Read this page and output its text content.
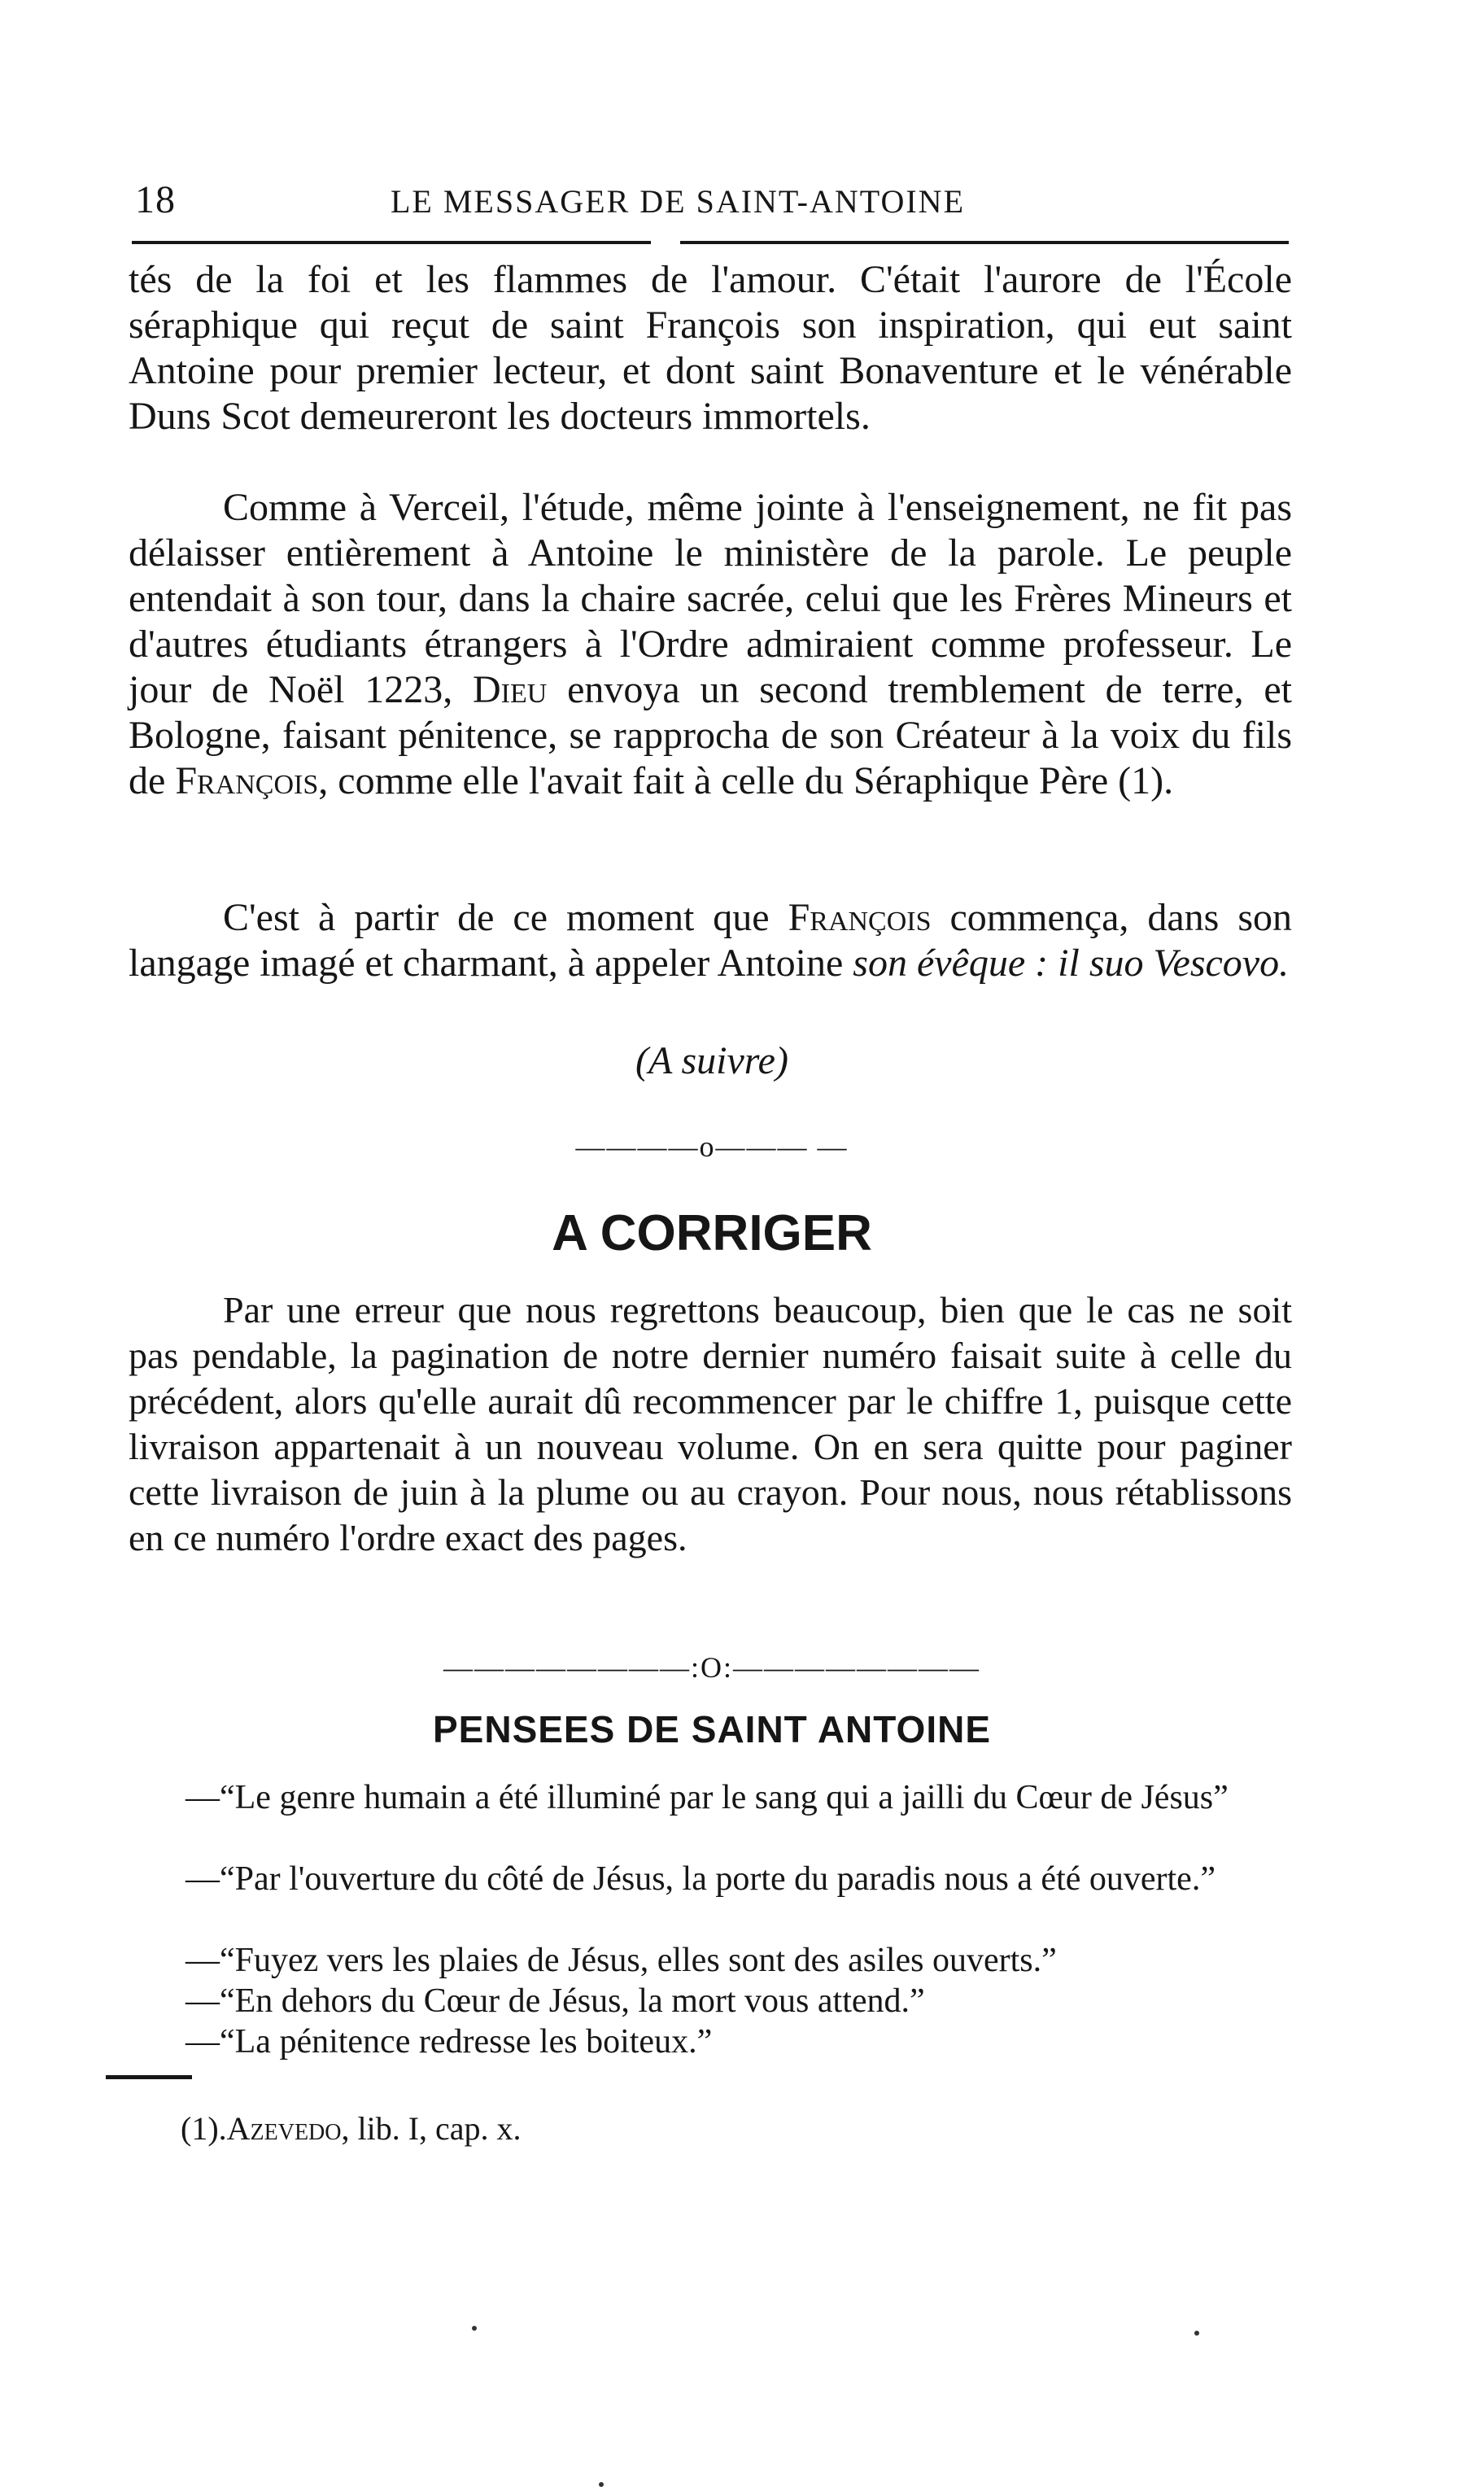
18	LE MESSAGER DE SAINT-ANTOINE
tés de la foi et les flammes de l'amour. C'était l'aurore de l'École séraphique qui reçut de saint François son inspiration, qui eut saint Antoine pour premier lecteur, et dont saint Bonaventure et le vénérable Duns Scot demeureront les docteurs immortels.
Comme à Verceil, l'étude, même jointe à l'enseignement, ne fit pas délaisser entièrement à Antoine le ministère de la parole. Le peuple entendait à son tour, dans la chaire sacrée, celui que les Frères Mineurs et d'autres étudiants étrangers à l'Ordre admiraient comme professeur. Le jour de Noël 1223, Dieu envoya un second tremblement de terre, et Bologne, faisant pénitence, se rapprocha de son Créateur à la voix du fils de François, comme elle l'avait fait à celle du Séraphique Père (1).
C'est à partir de ce moment que François commença, dans son langage imagé et charmant, à appeler Antoine son évêque : il suo Vescovo.
(A suivre)
————o——— —
A CORRIGER
Par une erreur que nous regrettons beaucoup, bien que le cas ne soit pas pendable, la pagination de notre dernier numéro faisait suite à celle du précédent, alors qu'elle aurait dû recommencer par le chiffre 1, puisque cette livraison appartenait à un nouveau volume. On en sera quitte pour paginer cette livraison de juin à la plume ou au crayon. Pour nous, nous rétablissons en ce numéro l'ordre exact des pages.
————————:O:————————
PENSEES DE SAINT ANTOINE
—“Le genre humain a été illuminé par le sang qui a jailli du Cœur de Jésus”
—“Par l'ouverture du côté de Jésus, la porte du paradis nous a été ouverte.”
—“Fuyez vers les plaies de Jésus, elles sont des asiles ouverts.”
—“En dehors du Cœur de Jésus, la mort vous attend.”
—“La pénitence redresse les boiteux.”
(1).Azevedo, lib. I, cap. x.
